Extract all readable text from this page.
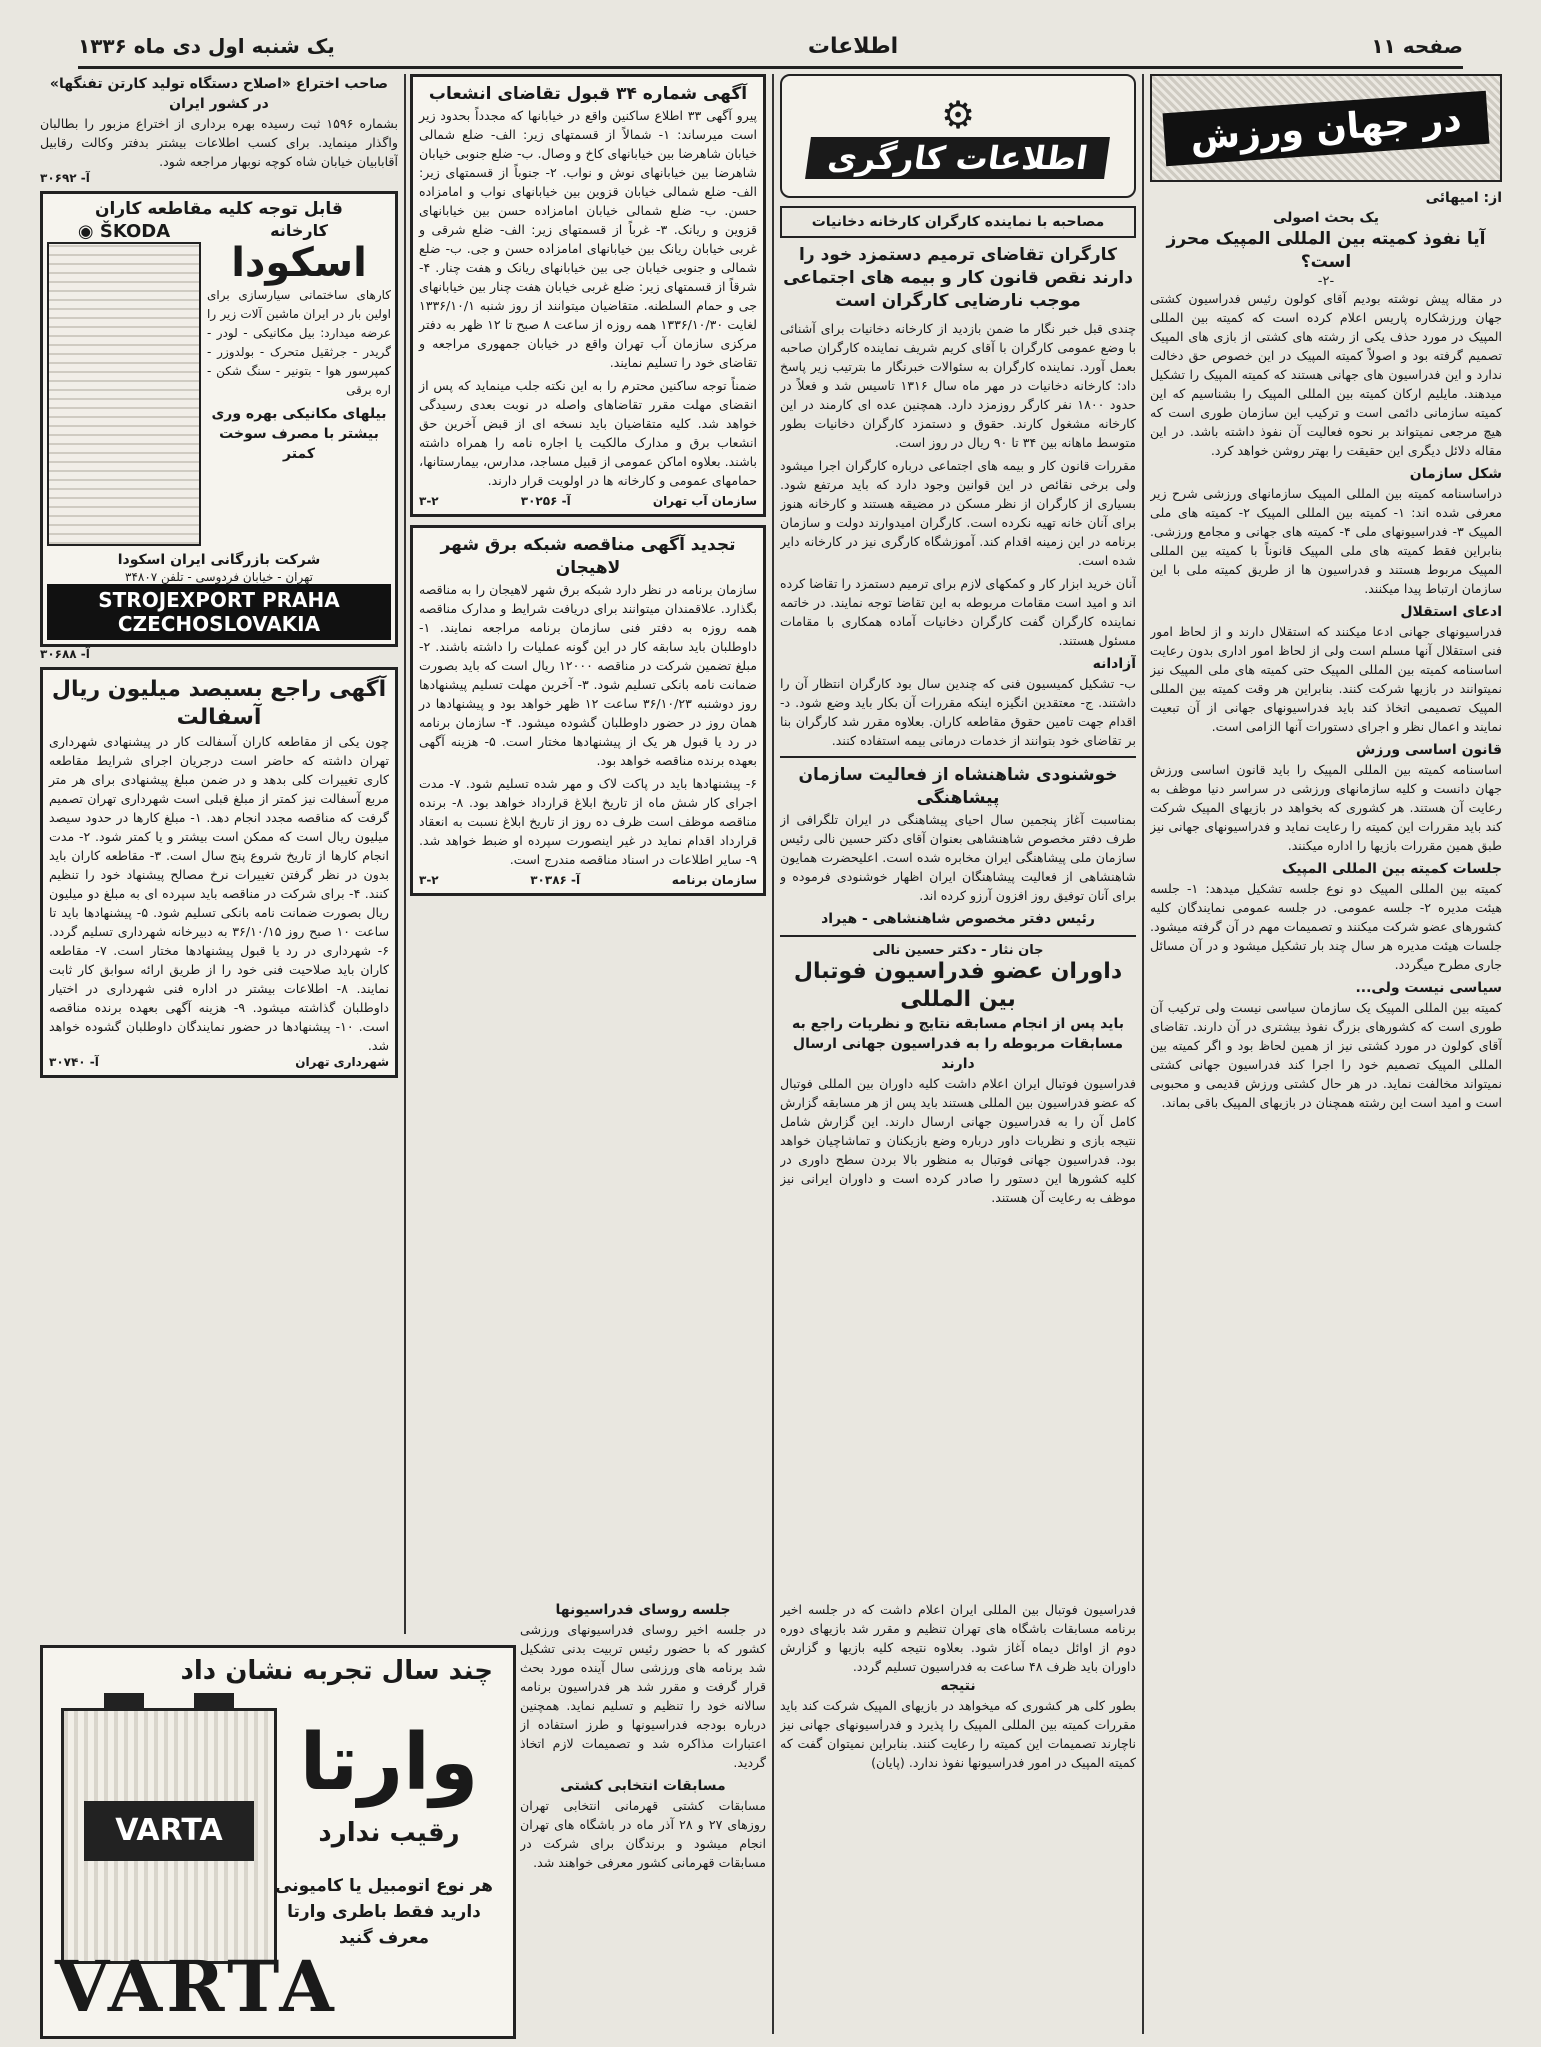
صفحه ۱۱
اطلاعات
یک شنبه اول دی ماه ۱۳۳۶
در جهان ورزش
از: امیهائی
یک بحث اصولی
آیا نفوذ کمیته بین المللی المپیک محرز است؟
-۲-

در مقاله پیش نوشته بودیم آقای کولون رئیس فدراسیون کشتی جهان ورزشکاره پاریس اعلام کرده است که کمیته بین المللی المپیک در مورد حذف یکی از رشته های کشتی از بازی های المپیک تصمیم گرفته بود و اصولاً کمیته المپیک در این خصوص حق دخالت ندارد و این فدراسیون های جهانی هستند که کمیته المپیک را تشکیل میدهند. مایلیم ارکان کمیته بین المللی المپیک را بشناسیم که این کمیته سازمانی دائمی است و ترکیب این سازمان طوری است که هیچ مرجعی نمیتواند بر نحوه فعالیت آن نفوذ داشته باشد. در این مقاله دلائل دیگری این حقیقت را بهتر روشن خواهد کرد.

شکل سازمان

دراساسنامه کمیته بین المللی المپیک سازمانهای ورزشی شرح زیر معرفی شده اند: ۱- کمیته بین المللی المپیک ۲- کمیته های ملی المپیک ۳- فدراسیونهای ملی ۴- کمیته های جهانی و مجامع ورزشی. بنابراین فقط کمیته های ملی المپیک قانوناً با کمیته بین المللی المپیک مربوط هستند و فدراسیون ها از طریق کمیته ملی با این سازمان ارتباط پیدا میکنند.

ادعای استقلال

فدراسیونهای جهانی ادعا میکنند که استقلال دارند و از لحاظ امور فنی استقلال آنها مسلم است ولی از لحاظ امور اداری بدون رعایت اساسنامه کمیته بین المللی المپیک حتی کمیته های ملی المپیک نیز نمیتوانند در بازیها شرکت کنند. بنابراین هر وقت کمیته بین المللی المپیک تصمیمی اتخاذ کند باید فدراسیونهای جهانی از آن تبعیت نمایند و اعمال نظر و اجرای دستورات آنها الزامی است.

قانون اساسی ورزش

اساسنامه کمیته بین المللی المپیک را باید قانون اساسی ورزش جهان دانست و کلیه سازمانهای ورزشی در سراسر دنیا موظف به رعایت آن هستند. هر کشوری که بخواهد در بازیهای المپیک شرکت کند باید مقررات این کمیته را رعایت نماید و فدراسیونهای جهانی نیز طبق همین مقررات بازیها را اداره میکنند.

جلسات کمیته بین المللی المپیک

کمیته بین المللی المپیک دو نوع جلسه تشکیل میدهد: ۱- جلسه هیئت مدیره ۲- جلسه عمومی. در جلسه عمومی نمایندگان کلیه کشورهای عضو شرکت میکنند و تصمیمات مهم در آن گرفته میشود. جلسات هیئت مدیره هر سال چند بار تشکیل میشود و در آن مسائل جاری مطرح میگردد.

سیاسی نیست ولی...

کمیته بین المللی المپیک یک سازمان سیاسی نیست ولی ترکیب آن طوری است که کشورهای بزرگ نفوذ بیشتری در آن دارند. تقاضای آقای کولون در مورد کشتی نیز از همین لحاظ بود و اگر کمیته بین المللی المپیک تصمیم خود را اجرا کند فدراسیون جهانی کشتی نمیتواند مخالفت نماید. در هر حال کشتی ورزش قدیمی و محبوبی است و امید است این رشته همچنان در بازیهای المپیک باقی بماند.

⚙
اطلاعات کارگری
مصاحبه با نماینده کارگران کارخانه دخانیات
کارگران تقاضای ترمیم دستمزد خود را دارند نقص قانون کار و بیمه های اجتماعی موجب نارضایی کارگران است

چندی قبل خبر نگار ما ضمن بازدید از کارخانه دخانیات برای آشنائی با وضع عمومی کارگران با آقای کریم شریف نماینده کارگران صاحبه بعمل آورد. نماینده کارگران به سئوالات خبرنگار ما بترتیب زیر پاسخ داد: کارخانه دخانیات در مهر ماه سال ۱۳۱۶ تاسیس شد و فعلاً در حدود ۱۸۰۰ نفر کارگر روزمزد دارد. همچنین عده ای کارمند در این کارخانه مشغول کارند. حقوق و دستمزد کارگران دخانیات بطور متوسط ماهانه بین ۳۴ تا ۹۰ ریال در روز است.

مقررات قانون کار و بیمه های اجتماعی درباره کارگران اجرا میشود ولی برخی نقائص در این قوانین وجود دارد که باید مرتفع شود. بسیاری از کارگران از نظر مسکن در مضیقه هستند و کارخانه هنوز برای آنان خانه تهیه نکرده است. کارگران امیدوارند دولت و سازمان برنامه در این زمینه اقدام کند. آموزشگاه کارگری نیز در کارخانه دایر شده است.

آنان خرید ابزار کار و کمکهای لازم برای ترمیم دستمزد را تقاضا کرده اند و امید است مقامات مربوطه به این تقاضا توجه نمایند. در خاتمه نماینده کارگران گفت کارگران دخانیات آماده همکاری با مقامات مسئول هستند.

آزادانه

ب- تشکیل کمیسیون فنی که چندین سال بود کارگران انتظار آن را داشتند. ج- معتقدین انگیزه اینکه مقررات آن بکار باید وضع شود. د- اقدام جهت تامین حقوق مقاطعه کاران. بعلاوه مقرر شد کارگران بنا بر تقاضای خود بتوانند از خدمات درمانی بیمه استفاده کنند.

خوشنودی شاهنشاه از فعالیت سازمان پیشاهنگی

بمناسبت آغاز پنجمین سال احیای پیشاهنگی در ایران تلگرافی از طرف دفتر مخصوص شاهنشاهی بعنوان آقای دکتر حسین نالی رئیس سازمان ملی پیشاهنگی ایران مخابره شده است. اعلیحضرت همایون شاهنشاهی از فعالیت پیشاهنگان ایران اظهار خوشنودی فرموده و برای آنان توفیق روز افزون آرزو کرده اند.

رئیس دفتر مخصوص شاهنشاهی - هیراد
جان نثار - دکتر حسین نالی
داوران عضو فدراسیون فوتبال بین المللی
باید پس از انجام مسابقه نتایج و نظریات راجع به مسابقات مربوطه را به فدراسیون جهانی ارسال دارند

فدراسیون فوتبال ایران اعلام داشت کلیه داوران بین المللی فوتبال که عضو فدراسیون بین المللی هستند باید پس از هر مسابقه گزارش کامل آن را به فدراسیون جهانی ارسال دارند. این گزارش شامل نتیجه بازی و نظریات داور درباره وضع بازیکنان و تماشاچیان خواهد بود. فدراسیون جهانی فوتبال به منظور بالا بردن سطح داوری در کلیه کشورها این دستور را صادر کرده است و داوران ایرانی نیز موظف به رعایت آن هستند.

آگهی شماره ۳۴ قبول تقاضای انشعاب

پیرو آگهی ۳۳ اطلاع ساکنین واقع در خیابانها که مجدداً بحدود زیر است میرساند: ۱- شمالاً از قسمتهای زیر: الف- ضلع شمالی خیابان شاهرضا بین خیابانهای کاخ و وصال. ب- ضلع جنوبی خیابان شاهرضا بین خیابانهای نوش و نواب. ۲- جنوباً از قسمتهای زیر: الف- ضلع شمالی خیابان قزوین بین خیابانهای نواب و امامزاده حسن. ب- ضلع شمالی خیابان امامزاده حسن بین خیابانهای قزوین و ریانک. ۳- غرباً از قسمتهای زیر: الف- ضلع شرقی و غربی خیابان ریانک بین خیابانهای امامزاده حسن و جی. ب- ضلع شمالی و جنوبی خیابان جی بین خیابانهای ریانک و هفت چنار. ۴- شرقاً از قسمتهای زیر: ضلع غربی خیابان هفت چنار بین خیابانهای جی و حمام السلطنه. متقاضیان میتوانند از روز شنبه ۱۳۳۶/۱۰/۱ لغایت ۱۳۳۶/۱۰/۳۰ همه روزه از ساعت ۸ صبح تا ۱۲ ظهر به دفتر مرکزی سازمان آب تهران واقع در خیابان جمهوری مراجعه و تقاضای خود را تسلیم نمایند.

ضمناً توجه ساکنین محترم را به این نکته جلب مینماید که پس از انقضای مهلت مقرر تقاضاهای واصله در نوبت بعدی رسیدگی خواهد شد. کلیه متقاضیان باید نسخه ای از قبض آخرین حق انشعاب برق و مدارک مالکیت یا اجاره نامه را همراه داشته باشند. بعلاوه اماکن عمومی از قبیل مساجد، مدارس، بیمارستانها، حمامهای عمومی و کارخانه ها در اولویت قرار دارند.

سازمان آب تهران
آ- ۳۰۲۵۶
۳-۲
تجدید آگهی مناقصه شبکه برق شهر لاهیجان

سازمان برنامه در نظر دارد شبکه برق شهر لاهیجان را به مناقصه بگذارد. علاقمندان میتوانند برای دریافت شرایط و مدارک مناقصه همه روزه به دفتر فنی سازمان برنامه مراجعه نمایند. ۱- داوطلبان باید سابقه کار در این گونه عملیات را داشته باشند. ۲- مبلغ تضمین شرکت در مناقصه ۱۲۰۰۰ ریال است که باید بصورت ضمانت نامه بانکی تسلیم شود. ۳- آخرین مهلت تسلیم پیشنهادها روز دوشنبه ۳۶/۱۰/۲۳ ساعت ۱۲ ظهر خواهد بود و پیشنهادها در همان روز در حضور داوطلبان گشوده میشود. ۴- سازمان برنامه در رد یا قبول هر یک از پیشنهادها مختار است. ۵- هزینه آگهی بعهده برنده مناقصه خواهد بود.

۶- پیشنهادها باید در پاکت لاک و مهر شده تسلیم شود. ۷- مدت اجرای کار شش ماه از تاریخ ابلاغ قرارداد خواهد بود. ۸- برنده مناقصه موظف است ظرف ده روز از تاریخ ابلاغ نسبت به انعقاد قرارداد اقدام نماید در غیر اینصورت سپرده او ضبط خواهد شد. ۹- سایر اطلاعات در اسناد مناقصه مندرج است.

سازمان برنامه
آ- ۳۰۳۸۶
۳-۲
جلسه روسای فدراسیونها
در جلسه اخیر روسای فدراسیونهای ورزشی کشور که با حضور رئیس تربیت بدنی تشکیل شد برنامه های ورزشی سال آینده مورد بحث قرار گرفت و مقرر شد هر فدراسیون برنامه سالانه خود را تنظیم و تسلیم نماید. همچنین درباره بودجه فدراسیونها و طرز استفاده از اعتبارات مذاکره شد و تصمیمات لازم اتخاذ گردید.
مسابقات انتخابی کشتی
مسابقات کشتی قهرمانی انتخابی تهران روزهای ۲۷ و ۲۸ آذر ماه در باشگاه های تهران انجام میشود و برندگان برای شرکت در مسابقات قهرمانی کشور معرفی خواهند شد.
فدراسیون فوتبال بین المللی ایران اعلام داشت که در جلسه اخیر برنامه مسابقات باشگاه های تهران تنظیم و مقرر شد بازیهای دوره دوم از اوائل دیماه آغاز شود. بعلاوه نتیجه کلیه بازیها و گزارش داوران باید ظرف ۴۸ ساعت به فدراسیون تسلیم گردد.
نتیجه
بطور کلی هر کشوری که میخواهد در بازیهای المپیک شرکت کند باید مقررات کمیته بین المللی المپیک را پذیرد و فدراسیونهای جهانی نیز ناچارند تصمیمات این کمیته را رعایت کنند. بنابراین نمیتوان گفت که کمیته المپیک در امور فدراسیونها نفوذ ندارد. (پایان)
صاحب اختراع «اصلاح دستگاه تولید کارتن تفنگها» در کشور ایران
بشماره ۱۵۹۶ ثبت رسیده بهره برداری از اختراع مزبور را بطالبان واگذار مینماید. برای کسب اطلاعات بیشتر بدفتر وکالت رقابیل آقابابیان خیابان شاه کوچه نوبهار مراجعه شود.
آ- ۳۰۶۹۲
قابل توجه کلیه مقاطعه کاران
کارخانه
اسکودا
کارهای ساختمانی سیارسازی برای اولین بار در ایران ماشین آلات زیر را عرضه میدارد: بیل مکانیکی - لودر - گریدر - جرثقیل متحرک - بولدوزر - کمپرسور هوا - بتونیر - سنگ شکن - اره برقی
بیلهای مکانیکی بهره وری بیشتر با مصرف سوخت کمتر
◉ ŠKODA
شرکت بازرگانی ایران اسکودا
تهران - خیابان فردوسی - تلفن ۳۴۸۰۷
STROJEXPORT PRAHA CZECHOSLOVAKIA
آ- ۳۰۶۸۸
آگهی راجع بسیصد میلیون ریال آسفالت
چون یکی از مقاطعه کاران آسفالت کار در پیشنهادی شهرداری تهران داشته که حاضر است درجریان اجرای شرایط مقاطعه کاری تغییرات کلی بدهد و در ضمن مبلغ پیشنهادی برای هر متر مربع آسفالت نیز کمتر از مبلغ قبلی است شهرداری تهران تصمیم گرفت که مناقصه مجدد انجام دهد. ۱- مبلغ کارها در حدود سیصد میلیون ریال است که ممکن است بیشتر و یا کمتر شود. ۲- مدت انجام کارها از تاریخ شروع پنج سال است. ۳- مقاطعه کاران باید بدون در نظر گرفتن تغییرات نرخ مصالح پیشنهاد خود را تنظیم کنند. ۴- برای شرکت در مناقصه باید سپرده ای به مبلغ دو میلیون ریال بصورت ضمانت نامه بانکی تسلیم شود. ۵- پیشنهادها باید تا ساعت ۱۰ صبح روز ۳۶/۱۰/۱۵ به دبیرخانه شهرداری تسلیم گردد. ۶- شهرداری در رد یا قبول پیشنهادها مختار است. ۷- مقاطعه کاران باید صلاحیت فنی خود را از طریق ارائه سوابق کار ثابت نمایند. ۸- اطلاعات بیشتر در اداره فنی شهرداری در اختیار داوطلبان گذاشته میشود. ۹- هزینه آگهی بعهده برنده مناقصه است. ۱۰- پیشنهادها در حضور نمایندگان داوطلبان گشوده خواهد شد.
شهرداری تهران
آ- ۳۰۷۴۰
چند سال تجربه نشان داد
VARTA
وارتا
رقیب ندارد
هر نوع اتومبیل یا کامیونی دارید فقط باطری وارتا معرف گنید
VARTA
